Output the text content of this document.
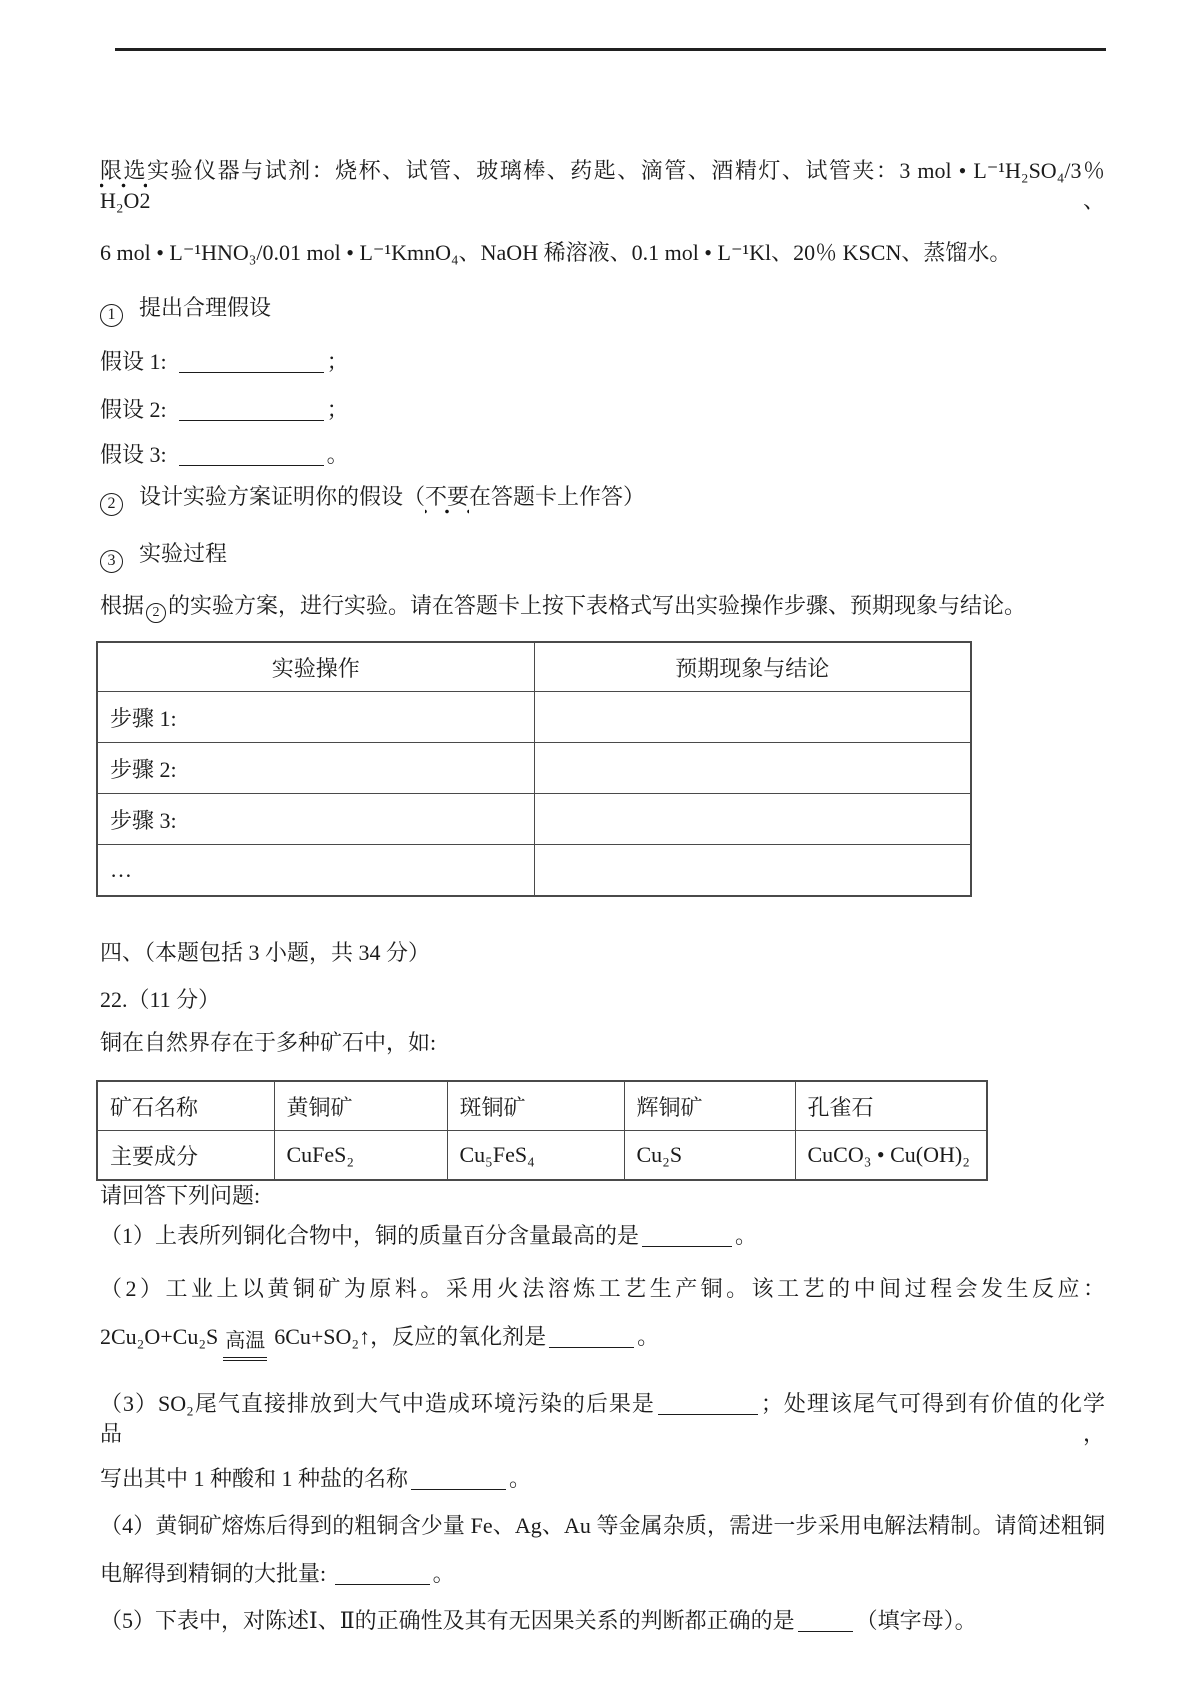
限选实验仪器与试剂：烧杯、试管、玻璃棒、药匙、滴管、酒精灯、试管夹：3 mol • L⁻¹H₂SO₄/3％ H₂O2、

6 mol • L⁻¹HNO₃/0.01 mol • L⁻¹KmnO₄、NaOH 稀溶液、0.1 mol • L⁻¹Kl、20％ KSCN、蒸馏水。

1 提出合理假设

假设 1:	；

假设 2:	；

假设 3:	。

2 设计实验方案证明你的假设（不要在答题卡上作答）

3 实验过程

根据 2 的实验方案，进行实验。请在答题卡上按下表格式写出实验操作步骤、预期现象与结论。

实验操作	预期现象与结论
步骤 1:	
步骤 2:	
步骤 3:	
…	

四、（本题包括 3 小题，共 34 分）

22.（11 分）

铜在自然界存在于多种矿石中，如:

矿石名称	黄铜矿	斑铜矿	辉铜矿	孔雀石
主要成分	CuFeS₂	Cu₅FeS₄	Cu₂S	CuCO₃ • Cu(OH)₂

请回答下列问题:

（1）上表所列铜化合物中，铜的质量百分含量最高的是	。

（2）工业上以黄铜矿为原料。采用火法溶炼工艺生产铜。该工艺的中间过程会发生反应：

2Cu₂O+Cu₂S 高温 6Cu+SO₂↑，反应的氧化剂是	。

（3）SO₂尾气直接排放到大气中造成环境污染的后果是	；处理该尾气可得到有价值的化学品，

写出其中 1 种酸和 1 种盐的名称	。

（4）黄铜矿熔炼后得到的粗铜含少量 Fe、Ag、Au 等金属杂质，需进一步采用电解法精制。请简述粗铜

电解得到精铜的大批量:	。

（5）下表中，对陈述Ⅰ、Ⅱ的正确性及其有无因果关系的判断都正确的是	（填字母）。
